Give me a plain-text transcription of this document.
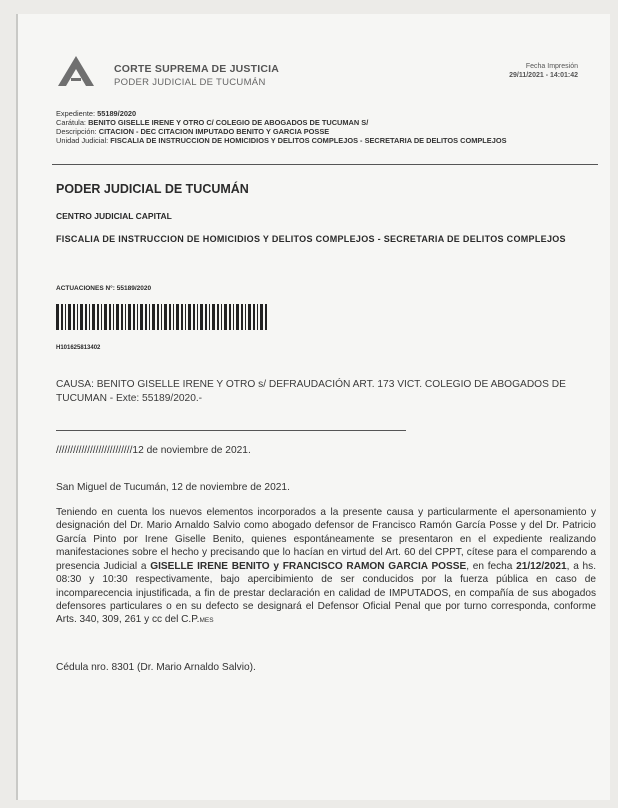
CORTE SUPREMA DE JUSTICIA
PODER JUDICIAL DE TUCUMÁN
Fecha Impresión
29/11/2021 - 14:01:42
Expediente: 55189/2020
Carátula: BENITO GISELLE IRENE Y OTRO C/ COLEGIO DE ABOGADOS DE TUCUMAN S/
Descripción: CITACION - DEC CITACION IMPUTADO BENITO Y GARCIA POSSE
Unidad Judicial: FISCALIA DE INSTRUCCION DE HOMICIDIOS Y DELITOS COMPLEJOS - SECRETARIA DE DELITOS COMPLEJOS
PODER JUDICIAL DE TUCUMÁN
CENTRO JUDICIAL CAPITAL
FISCALIA DE INSTRUCCION DE HOMICIDIOS Y DELITOS COMPLEJOS - SECRETARIA DE DELITOS COMPLEJOS
ACTUACIONES N°: 55189/2020
H101625813402
CAUSA: BENITO GISELLE IRENE Y OTRO s/ DEFRAUDACIÓN ART. 173 VICT. COLEGIO DE ABOGADOS DE TUCUMAN - Exte: 55189/2020.-
///////////////////////////12 de noviembre de 2021.
San Miguel de Tucumán, 12 de noviembre de 2021.
Teniendo en cuenta los nuevos elementos incorporados a la presente causa y particularmente el apersonamiento y designación del Dr. Mario Arnaldo Salvio como abogado defensor de Francisco Ramón García Posse y del Dr. Patricio García Pinto por Irene Giselle Benito, quienes espontáneamente se presentaron en el expediente realizando manifestaciones sobre el hecho y precisando que lo hacían en virtud del Art. 60 del CPPT, cítese para el comparendo a presencia Judicial a GISELLE IRENE BENITO y FRANCISCO RAMON GARCIA POSSE, en fecha 21/12/2021, a hs. 08:30 y 10:30 respectivamente, bajo apercibimiento de ser conducidos por la fuerza pública en caso de incomparecencia injustificada, a fin de prestar declaración en calidad de IMPUTADOS, en compañía de sus abogados defensores particulares o en su defecto se designará el Defensor Oficial Penal que por turno corresponda, conforme Arts. 340, 309, 261 y cc del C.P.MES
Cédula nro. 8301 (Dr. Mario Arnaldo Salvio).
